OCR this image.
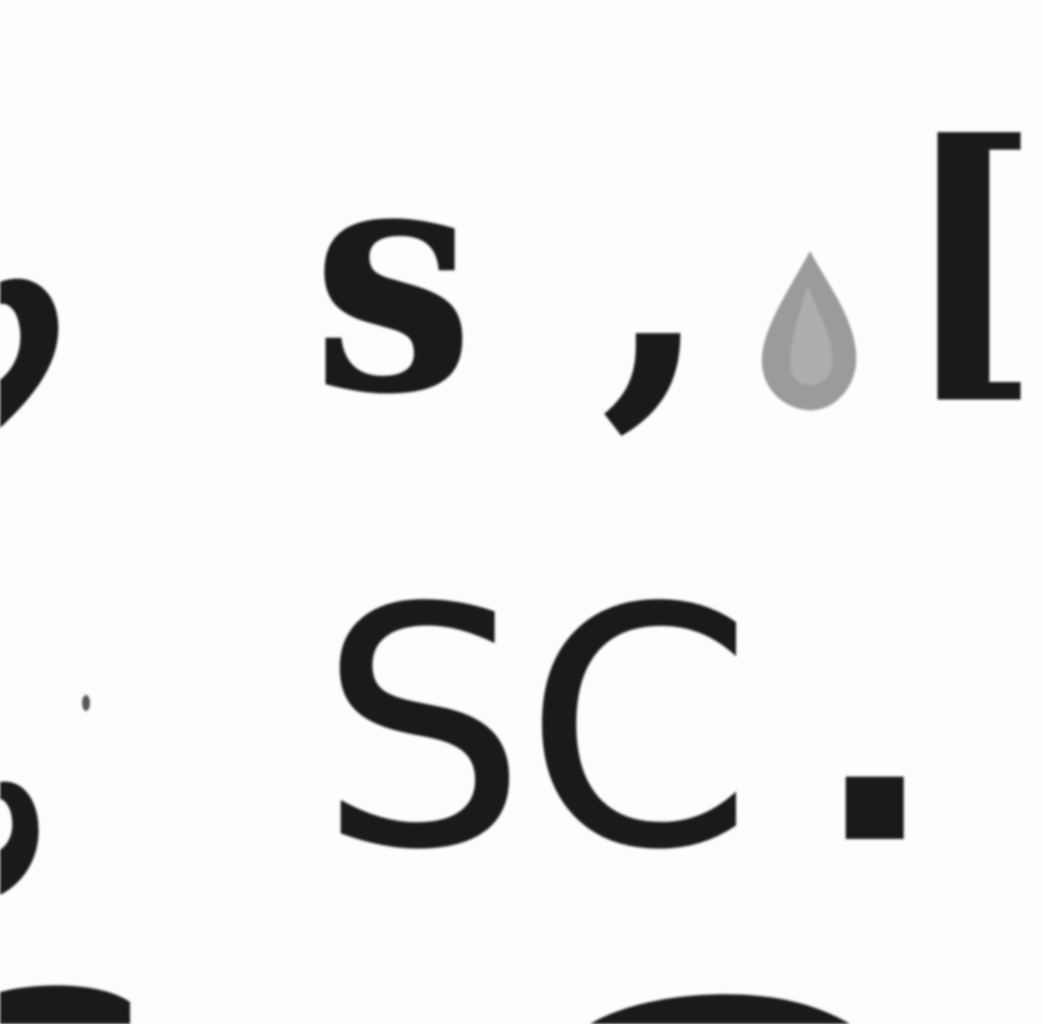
s , [
SC .
